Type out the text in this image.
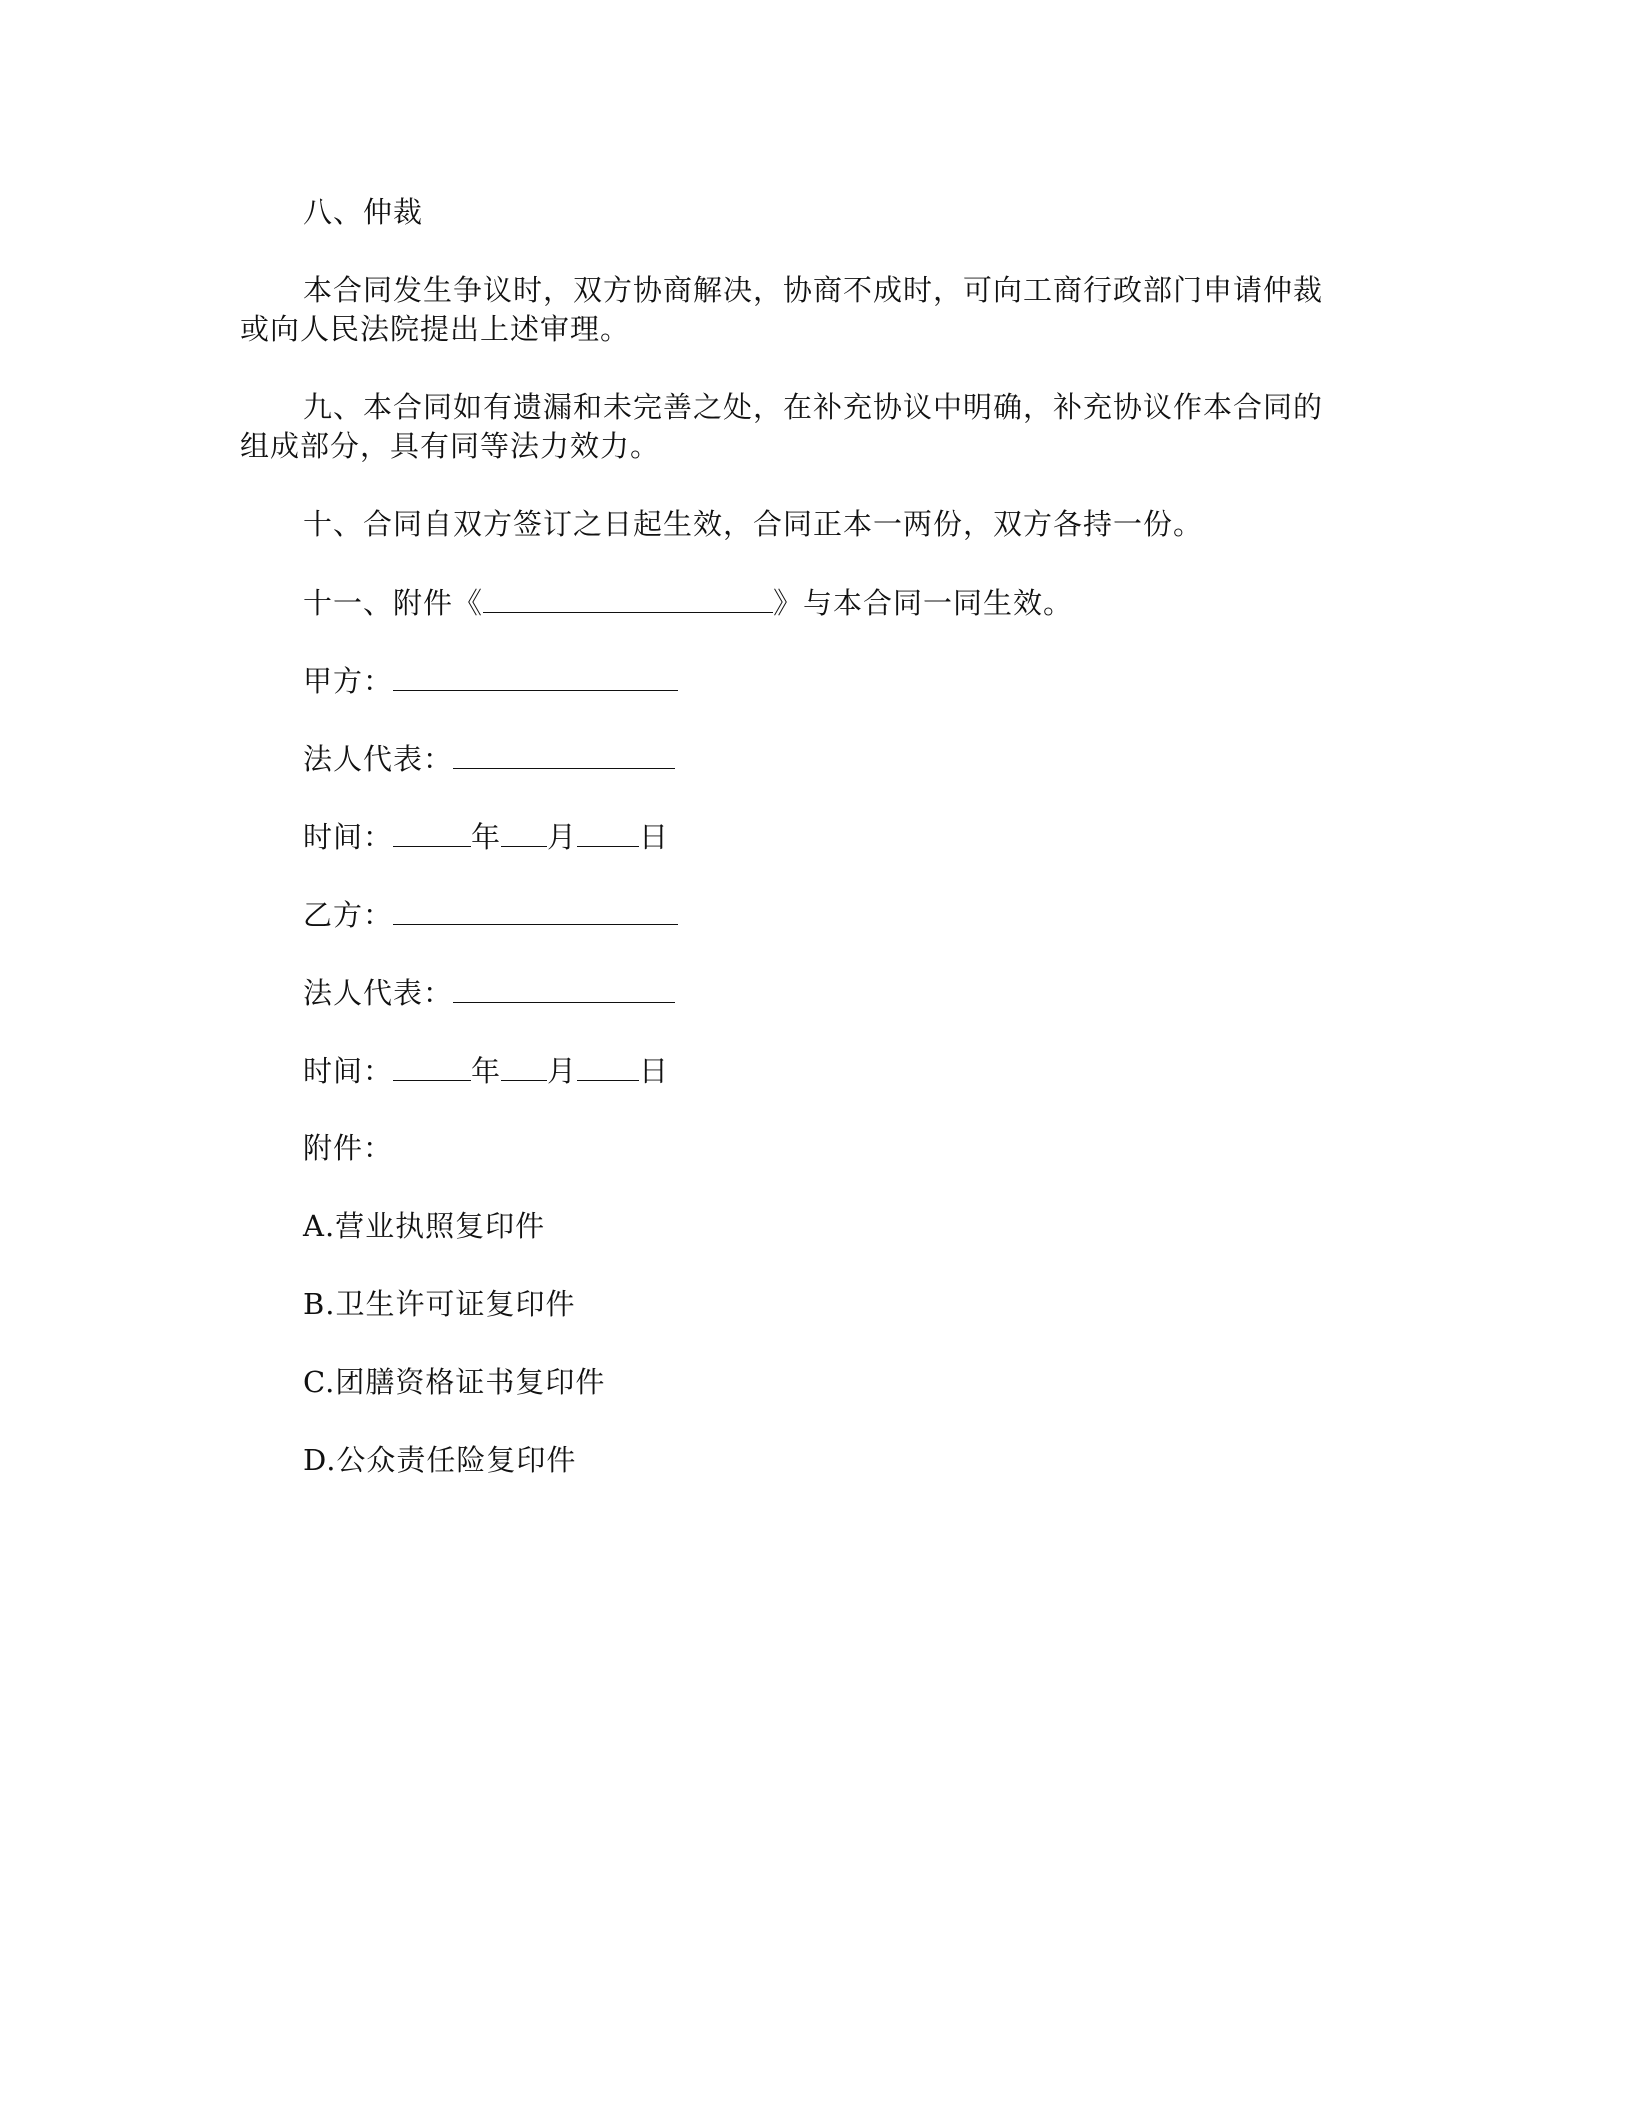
八、仲裁
本合同发生争议时，双方协商解决，协商不成时，可向工商行政部门申请仲裁
或向人民法院提出上述审理。
九、本合同如有遗漏和未完善之处，在补充协议中明确，补充协议作本合同的
组成部分，具有同等法力效力。
十、合同自双方签订之日起生效，合同正本一两份，双方各持一份。
十一、附件《	》与本合同一同生效。
甲方：
法人代表：
时间：	年 月 日
乙方：
法人代表：
时间：	年 月 日
附件：
A.营业执照复印件
B.卫生许可证复印件
C.团膳资格证书复印件
D.公众责任险复印件
